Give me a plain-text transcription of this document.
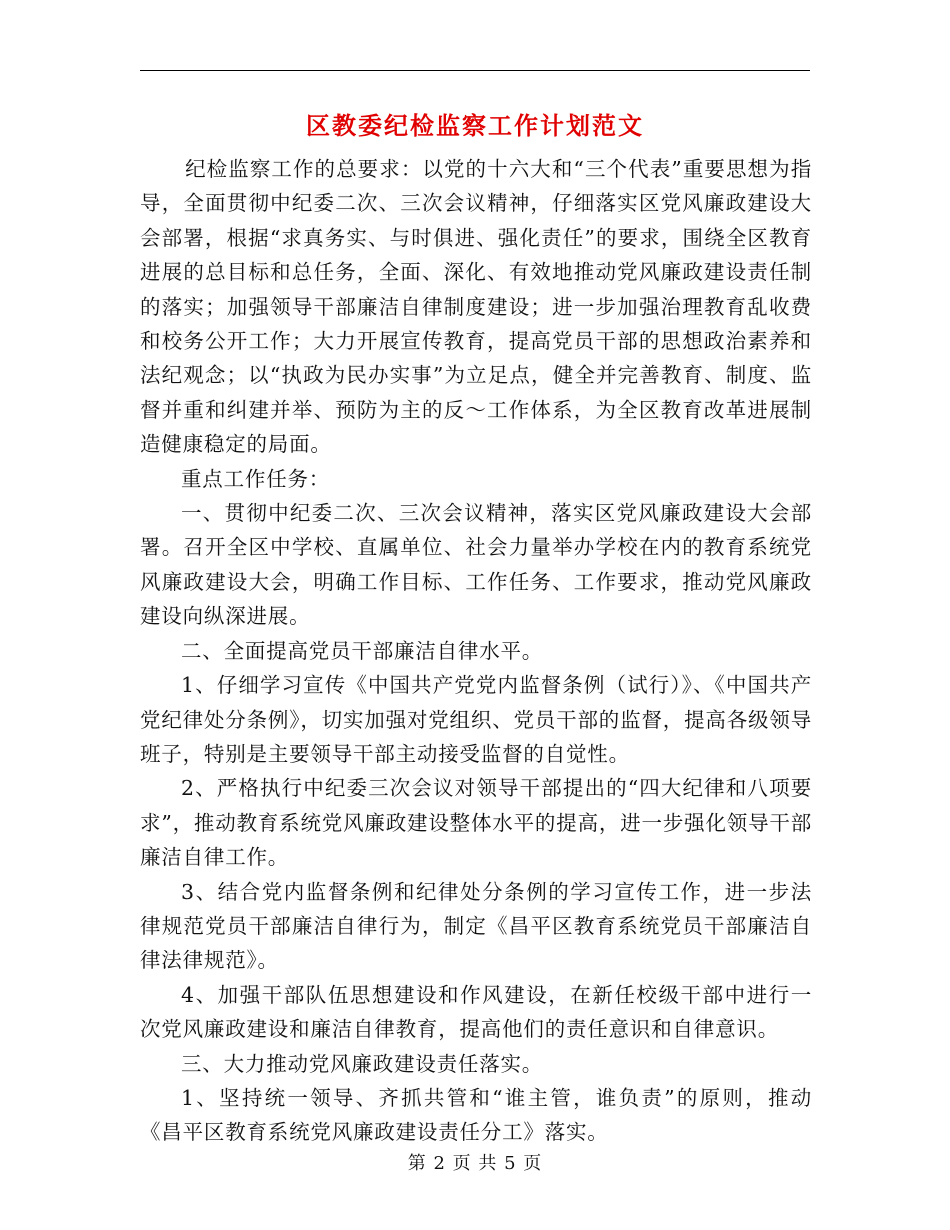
区教委纪检监察工作计划范文

纪检监察工作的总要求：以党的十六大和“三个代表”重要思想为指导，全面贯彻中纪委二次、三次会议精神，仔细落实区党风廉政建设大会部署，根据“求真务实、与时俱进、强化责任”的要求，围绕全区教育进展的总目标和总任务，全面、深化、有效地推动党风廉政建设责任制的落实；加强领导干部廉洁自律制度建设；进一步加强治理教育乱收费和校务公开工作；大力开展宣传教育，提高党员干部的思想政治素养和法纪观念；以“执政为民办实事”为立足点，健全并完善教育、制度、监督并重和纠建并举、预防为主的反～工作体系，为全区教育改革进展制造健康稳定的局面。

重点工作任务：

一、贯彻中纪委二次、三次会议精神，落实区党风廉政建设大会部署。召开全区中学校、直属单位、社会力量举办学校在内的教育系统党风廉政建设大会，明确工作目标、工作任务、工作要求，推动党风廉政建设向纵深进展。

二、全面提高党员干部廉洁自律水平。

1、仔细学习宣传《中国共产党党内监督条例（试行）》、《中国共产党纪律处分条例》，切实加强对党组织、党员干部的监督，提高各级领导班子，特别是主要领导干部主动接受监督的自觉性。

2、严格执行中纪委三次会议对领导干部提出的“四大纪律和八项要求”，推动教育系统党风廉政建设整体水平的提高，进一步强化领导干部廉洁自律工作。

3、结合党内监督条例和纪律处分条例的学习宣传工作，进一步法律规范党员干部廉洁自律行为，制定《昌平区教育系统党员干部廉洁自律法律规范》。

4、加强干部队伍思想建设和作风建设，在新任校级干部中进行一次党风廉政建设和廉洁自律教育，提高他们的责任意识和自律意识。

三、大力推动党风廉政建设责任落实。

1、坚持统一领导、齐抓共管和“谁主管，谁负责”的原则，推动《昌平区教育系统党风廉政建设责任分工》落实。

第 2 页 共 5 页
